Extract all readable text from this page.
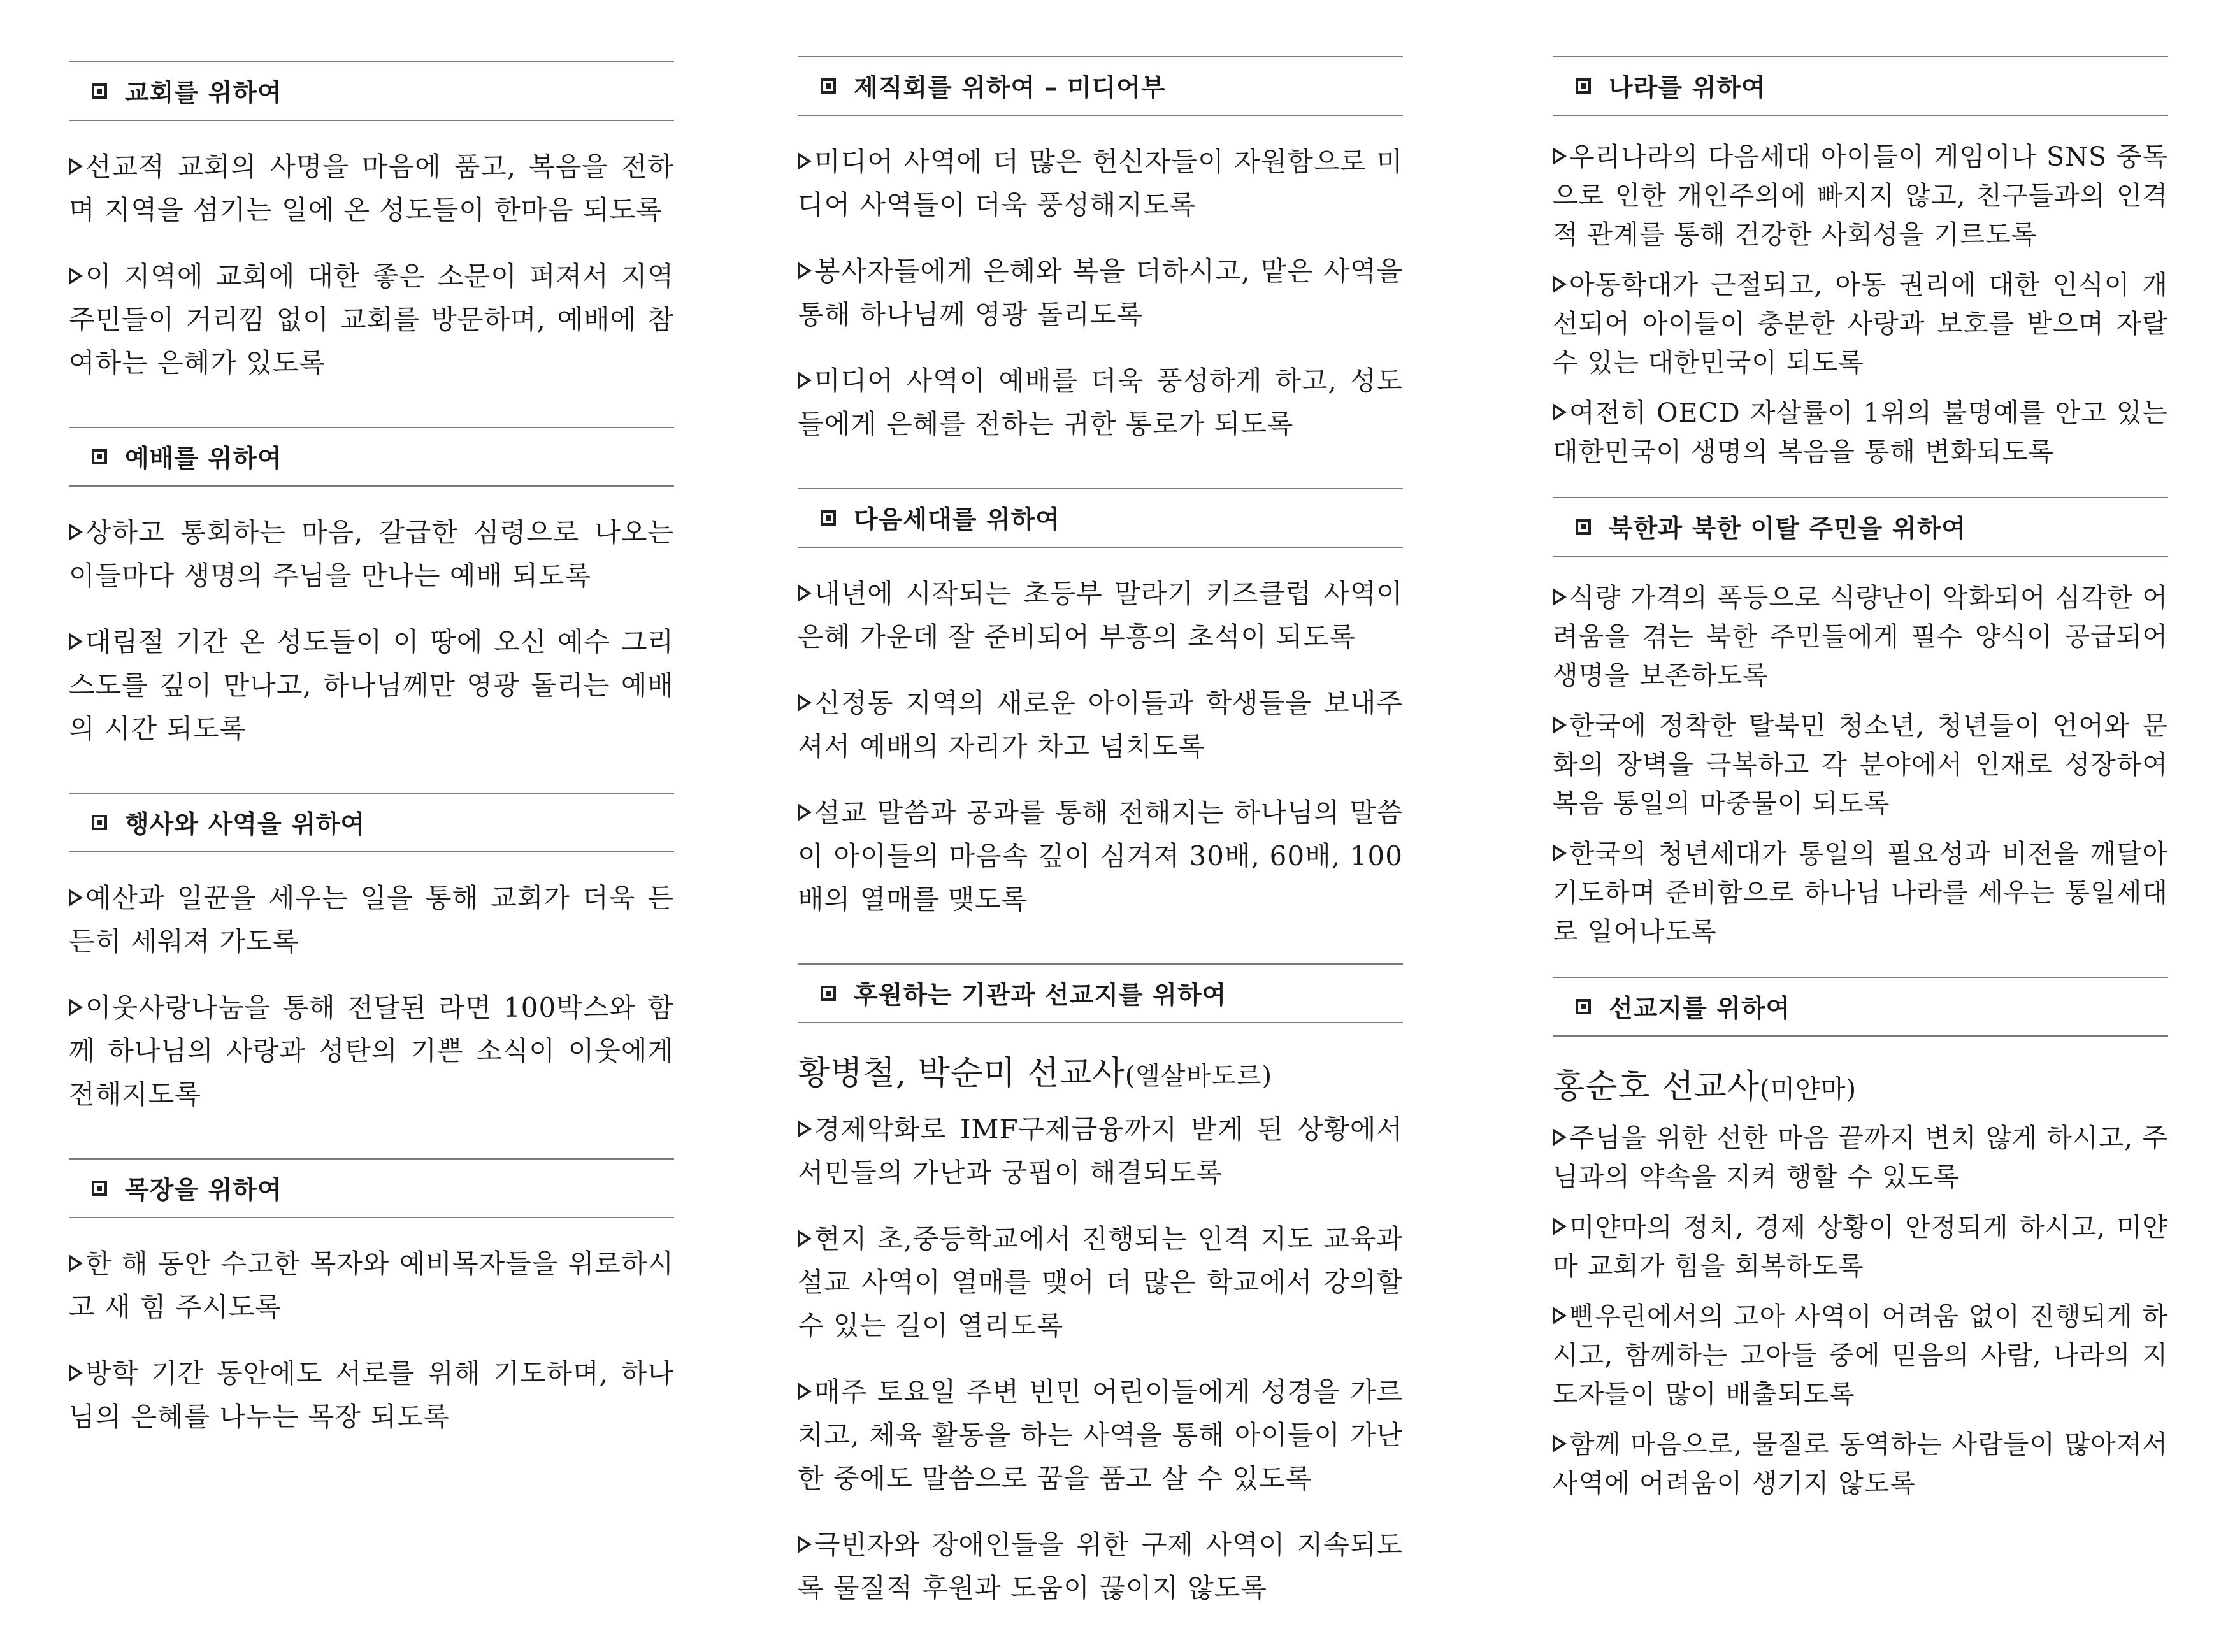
교회를 위하여
선교적 교회의 사명을 마음에 품고, 복음을 전하며 지역을 섬기는 일에 온 성도들이 한마음 되도록
이 지역에 교회에 대한 좋은 소문이 퍼져서 지역 주민들이 거리낌 없이 교회를 방문하며, 예배에 참여하는 은혜가 있도록
예배를 위하여
상하고 통회하는 마음, 갈급한 심령으로 나오는 이들마다 생명의 주님을 만나는 예배 되도록
대림절 기간 온 성도들이 이 땅에 오신 예수 그리스도를 깊이 만나고, 하나님께만 영광 돌리는 예배의 시간 되도록
행사와 사역을 위하여
예산과 일꾼을 세우는 일을 통해 교회가 더욱 든든히 세워져 가도록
이웃사랑나눔을 통해 전달된 라면 100박스와 함께 하나님의 사랑과 성탄의 기쁜 소식이 이웃에게 전해지도록
목장을 위하여
한 해 동안 수고한 목자와 예비목자들을 위로하시고 새 힘 주시도록
방학 기간 동안에도 서로를 위해 기도하며, 하나님의 은혜를 나누는 목장 되도록
제직회를 위하여 – 미디어부
미디어 사역에 더 많은 헌신자들이 자원함으로 미디어 사역들이 더욱 풍성해지도록
봉사자들에게 은혜와 복을 더하시고, 맡은 사역을 통해 하나님께 영광 돌리도록
미디어 사역이 예배를 더욱 풍성하게 하고, 성도들에게 은혜를 전하는 귀한 통로가 되도록
다음세대를 위하여
내년에 시작되는 초등부 말라기 키즈클럽 사역이 은혜 가운데 잘 준비되어 부흥의 초석이 되도록
신정동 지역의 새로운 아이들과 학생들을 보내주셔서 예배의 자리가 차고 넘치도록
설교 말씀과 공과를 통해 전해지는 하나님의 말씀이 아이들의 마음속 깊이 심겨져 30배, 60배, 100배의 열매를 맺도록
후원하는 기관과 선교지를 위하여
황병철, 박순미 선교사(엘살바도르)
경제악화로 IMF구제금융까지 받게 된 상황에서 서민들의 가난과 궁핍이 해결되도록
현지 초,중등학교에서 진행되는 인격 지도 교육과 설교 사역이 열매를 맺어 더 많은 학교에서 강의할 수 있는 길이 열리도록
매주 토요일 주변 빈민 어린이들에게 성경을 가르치고, 체육 활동을 하는 사역을 통해 아이들이 가난한 중에도 말씀으로 꿈을 품고 살 수 있도록
극빈자와 장애인들을 위한 구제 사역이 지속되도록 물질적 후원과 도움이 끊이지 않도록
나라를 위하여
우리나라의 다음세대 아이들이 게임이나 SNS 중독으로 인한 개인주의에 빠지지 않고, 친구들과의 인격적 관계를 통해 건강한 사회성을 기르도록
아동학대가 근절되고, 아동 권리에 대한 인식이 개선되어 아이들이 충분한 사랑과 보호를 받으며 자랄 수 있는 대한민국이 되도록
여전히 OECD 자살률이 1위의 불명예를 안고 있는 대한민국이 생명의 복음을 통해 변화되도록
북한과 북한 이탈 주민을 위하여
식량 가격의 폭등으로 식량난이 악화되어 심각한 어려움을 겪는 북한 주민들에게 필수 양식이 공급되어 생명을 보존하도록
한국에 정착한 탈북민 청소년, 청년들이 언어와 문화의 장벽을 극복하고 각 분야에서 인재로 성장하여 복음 통일의 마중물이 되도록
한국의 청년세대가 통일의 필요성과 비전을 깨달아 기도하며 준비함으로 하나님 나라를 세우는 통일세대로 일어나도록
선교지를 위하여
홍순호 선교사(미얀마)
주님을 위한 선한 마음 끝까지 변치 않게 하시고, 주님과의 약속을 지켜 행할 수 있도록
미얀마의 정치, 경제 상황이 안정되게 하시고, 미얀마 교회가 힘을 회복하도록
삔우린에서의 고아 사역이 어려움 없이 진행되게 하시고, 함께하는 고아들 중에 믿음의 사람, 나라의 지도자들이 많이 배출되도록
함께 마음으로, 물질로 동역하는 사람들이 많아져서 사역에 어려움이 생기지 않도록
